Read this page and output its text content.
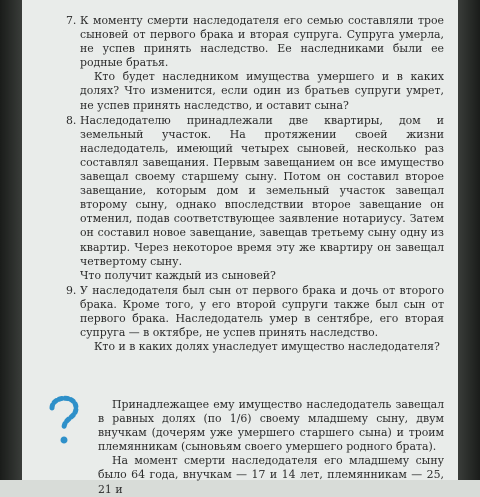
7. К моменту смерти наследодателя его семью составляли трое сыновей от первого брака и вторая супруга. Супруга умерла, не успев принять наследство. Ее наследниками были ее родные братья.

Кто будет наследником имущества умершего и в каких долях? Что изменится, если один из братьев супруги умрет, не успев принять наследство, и оставит сына?

8. Наследодателю принадлежали две квартиры, дом и земельный участок. На протяжении своей жизни наследодатель, имеющий четырех сыновей, несколько раз составлял завещания. Первым завещанием он все имущество завещал своему старшему сыну. Потом он составил второе завещание, которым дом и земельный участок завещал второму сыну, однако впоследствии второе завещание он отменил, подав соответствующее заявление нотариусу. Затем он составил новое завещание, завещав третьему сыну одну из квартир. Через некоторое время эту же квартиру он завещал четвертому сыну.

Что получит каждый из сыновей?

9. У наследодателя был сын от первого брака и дочь от второго брака. Кроме того, у его второй супруги также был сын от первого брака. Наследодатель умер в сентябре, его вторая супруга — в октябре, не успев принять наследство.

Кто и в каких долях унаследует имущество наследодателя?

Принадлежащее ему имущество наследодатель завещал в равных долях (по 1/6) своему младшему сыну, двум внучкам (дочерям уже умершего старшего сына) и троим племянникам (сыновьям своего умершего родного брата).

На момент смерти наследодателя его младшему сыну было 64 года, внучкам — 17 и 14 лет, племянникам — 25, 21 и
